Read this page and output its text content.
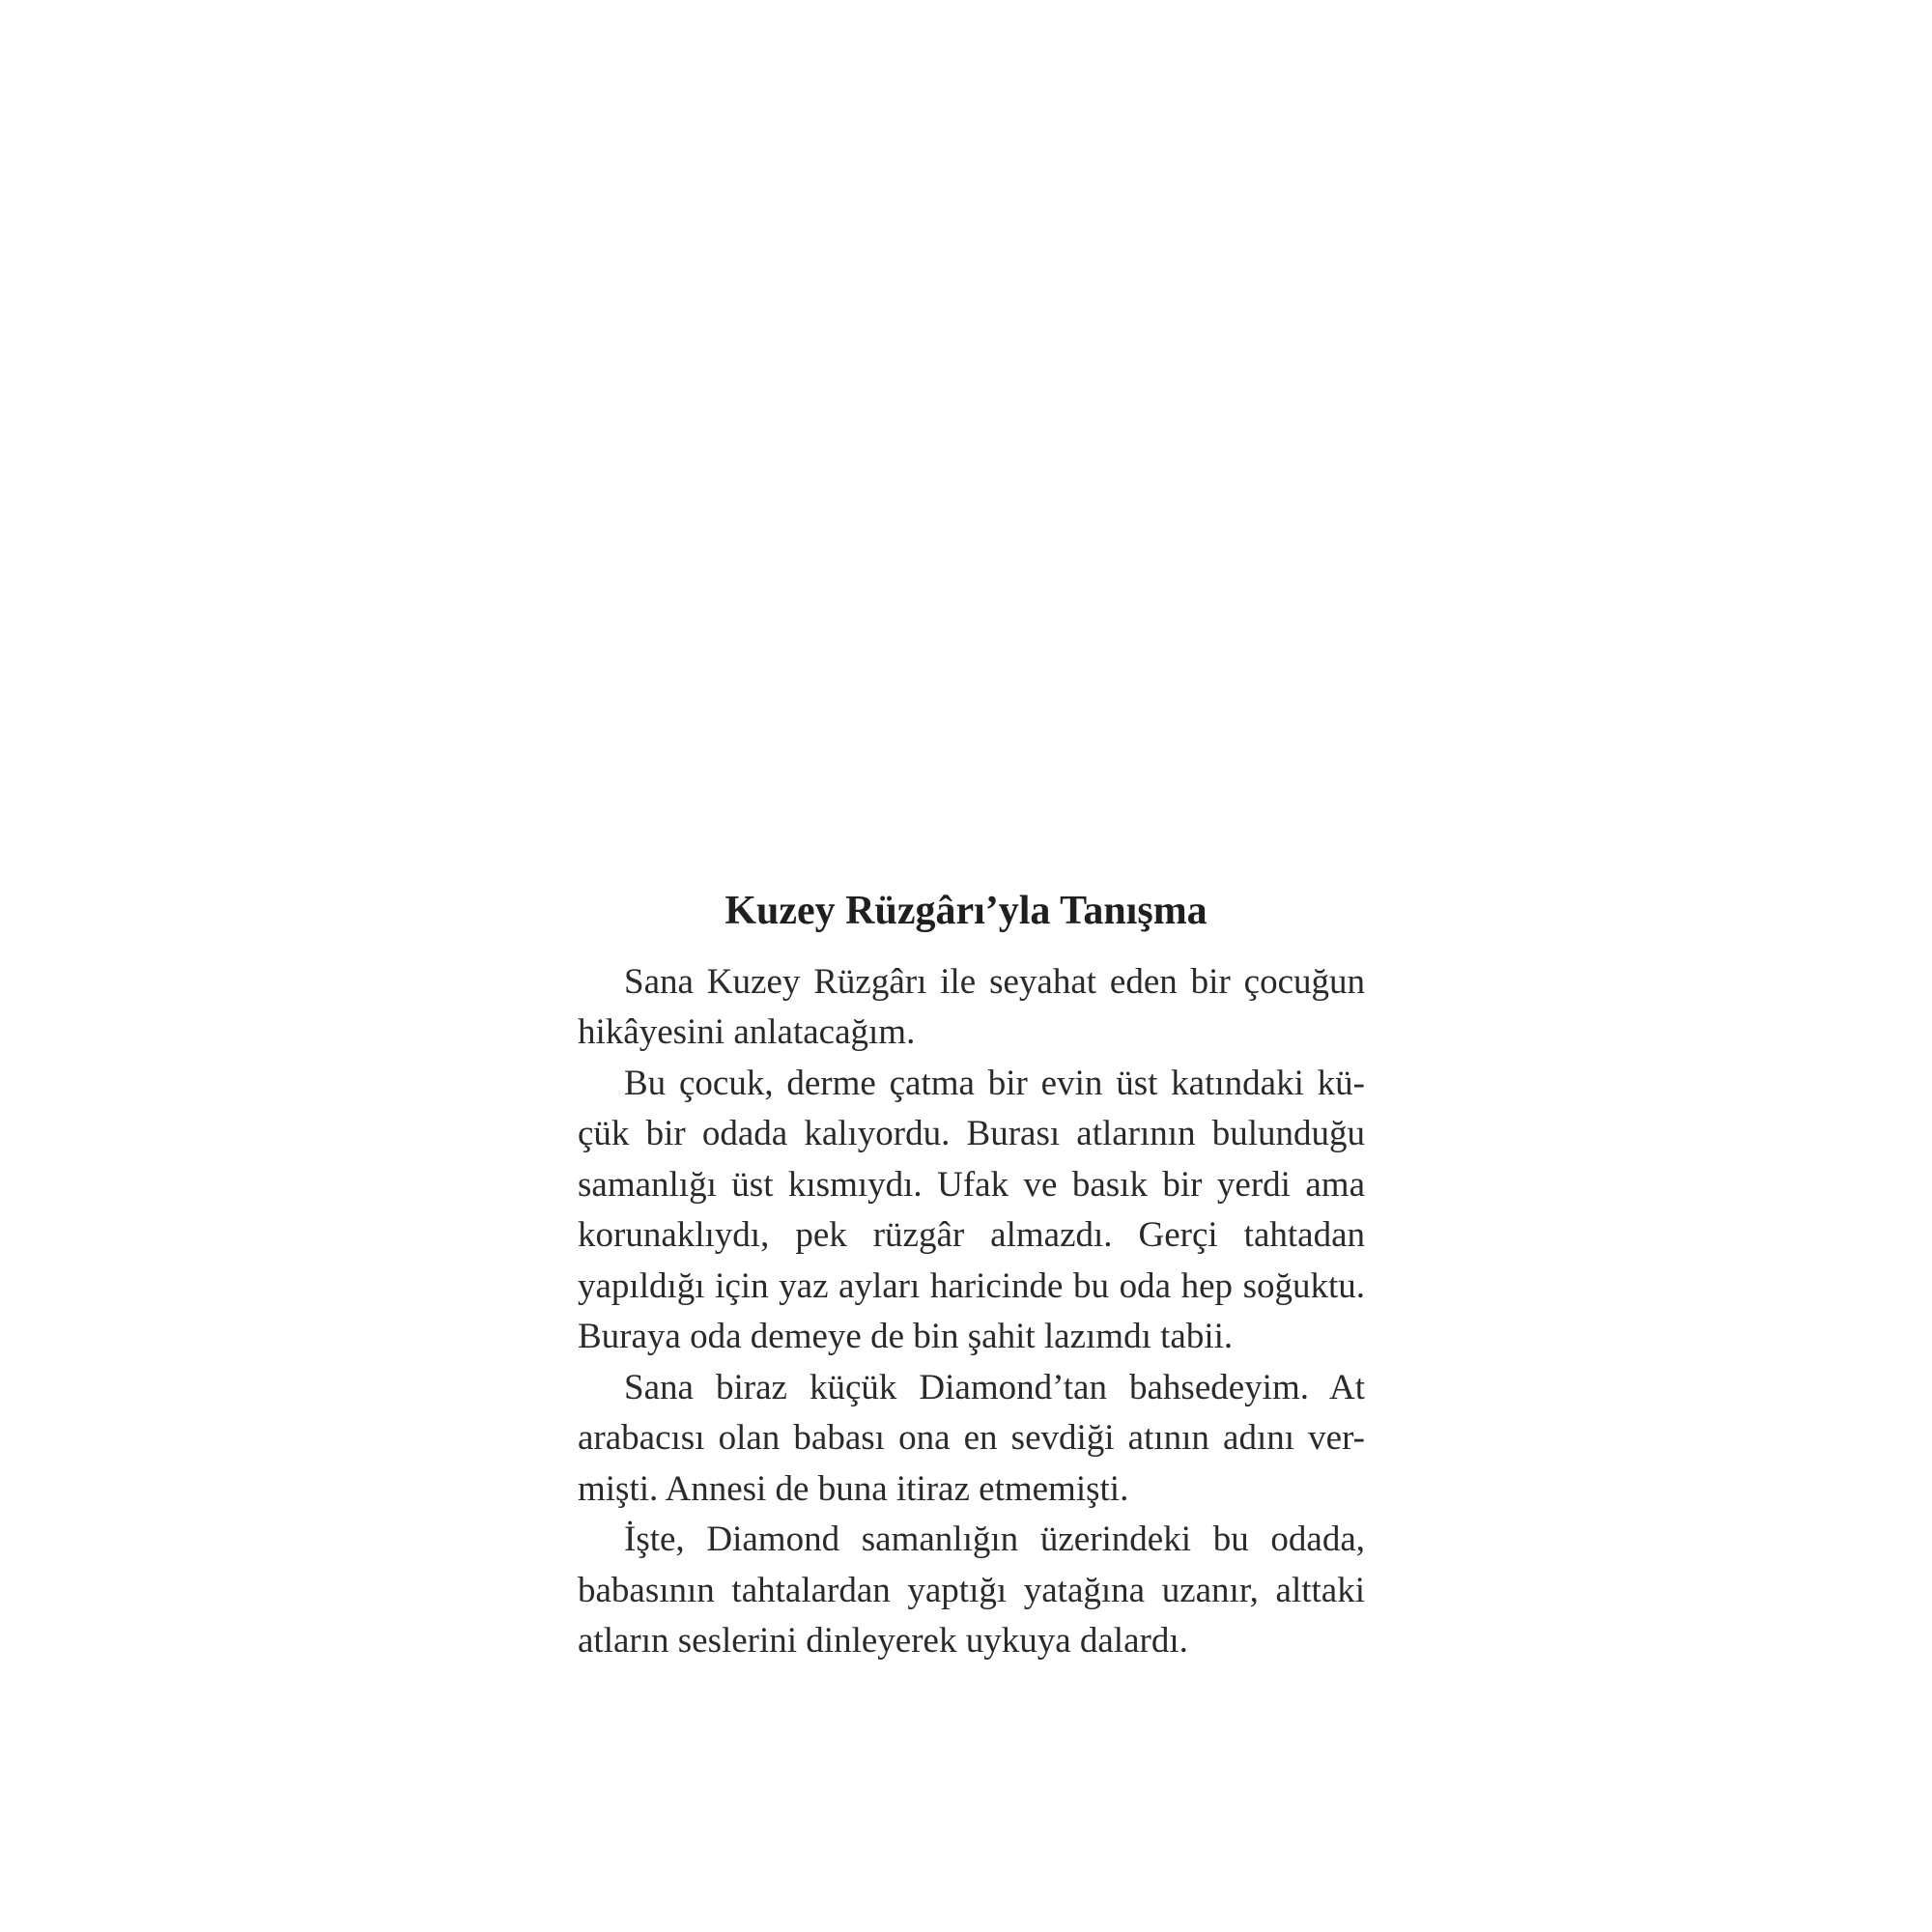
Kuzey Rüzgârı’yla Tanışma

Sana Kuzey Rüzgârı ile seyahat eden bir çocuğun

hikâyesini anlatacağım.

Bu çocuk, derme çatma bir evin üst katındaki kü-

çük bir odada kalıyordu. Burası atlarının bulunduğu

samanlığı üst kısmıydı. Ufak ve basık bir yerdi ama

korunaklıydı, pek rüzgâr almazdı. Gerçi tahtadan

yapıldığı için yaz ayları haricinde bu oda hep soğuktu.

Buraya oda demeye de bin şahit lazımdı tabii.

Sana biraz küçük Diamond’tan bahsedeyim. At

arabacısı olan babası ona en sevdiği atının adını ver-

mişti. Annesi de buna itiraz etmemişti.

İşte, Diamond samanlığın üzerindeki bu odada,

babasının tahtalardan yaptığı yatağına uzanır, alttaki

atların seslerini dinleyerek uykuya dalardı.
